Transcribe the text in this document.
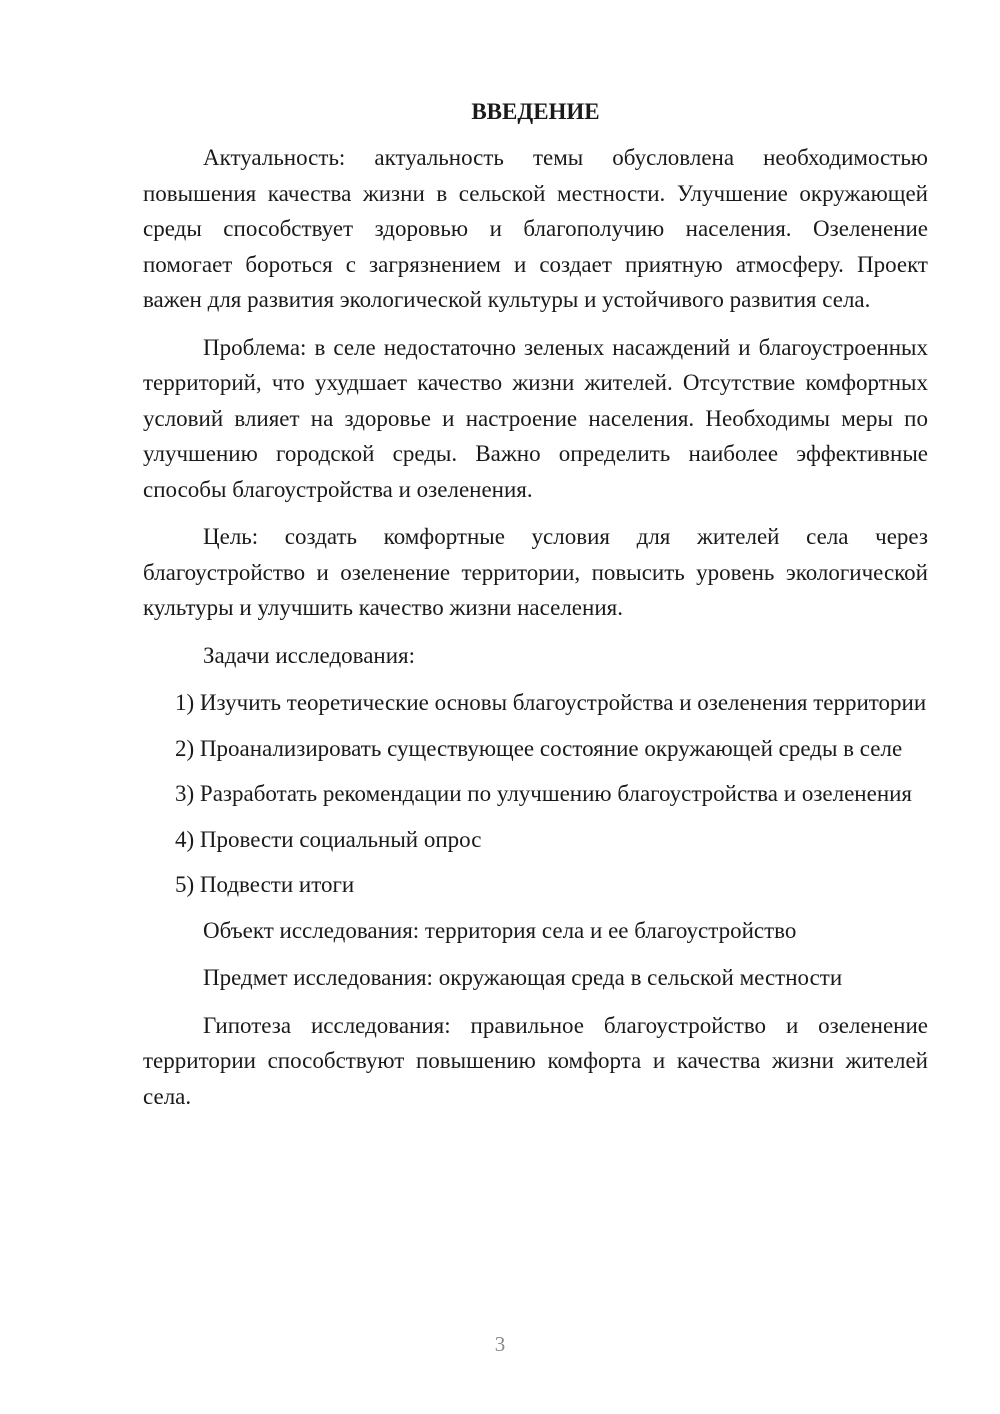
ВВЕДЕНИЕ

Актуальность: актуальность темы обусловлена необходимостью повышения качества жизни в сельской местности. Улучшение окружающей среды способствует здоровью и благополучию населения. Озеленение помогает бороться с загрязнением и создает приятную атмосферу. Проект важен для развития экологической культуры и устойчивого развития села.

Проблема: в селе недостаточно зеленых насаждений и благоустроенных территорий, что ухудшает качество жизни жителей. Отсутствие комфортных условий влияет на здоровье и настроение населения. Необходимы меры по улучшению городской среды. Важно определить наиболее эффективные способы благоустройства и озеленения.

Цель: создать комфортные условия для жителей села через благоустройство и озеленение территории, повысить уровень экологической культуры и улучшить качество жизни населения.

Задачи исследования:

1) Изучить теоретические основы благоустройства и озеленения территории

2) Проанализировать существующее состояние окружающей среды в селе

3) Разработать рекомендации по улучшению благоустройства и озеленения

4) Провести социальный опрос

5) Подвести итоги

Объект исследования: территория села и ее благоустройство

Предмет исследования: окружающая среда в сельской местности

Гипотеза исследования: правильное благоустройство и озеленение территории способствуют повышению комфорта и качества жизни жителей села.

3
